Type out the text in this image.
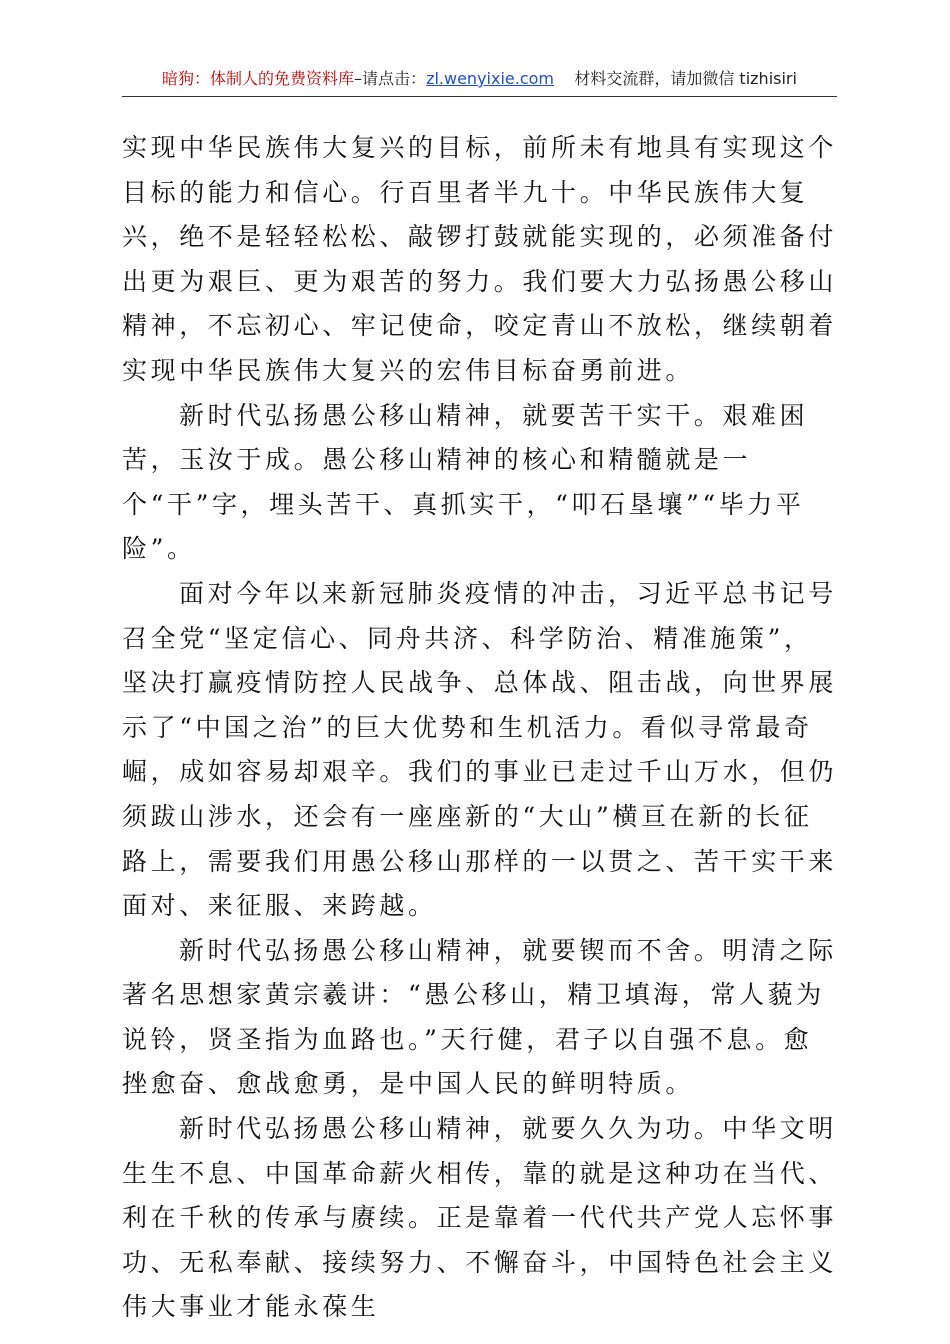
暗狗：体制人的免费资料库–请点击：zl.wenyixie.com 材料交流群，请加微信 tizhisiri

实现中华民族伟大复兴的目标，前所未有地具有实现这个目标的能力和信心。行百里者半九十。中华民族伟大复兴，绝不是轻轻松松、敲锣打鼓就能实现的，必须准备付出更为艰巨、更为艰苦的努力。我们要大力弘扬愚公移山精神，不忘初心、牢记使命，咬定青山不放松，继续朝着实现中华民族伟大复兴的宏伟目标奋勇前进。

新时代弘扬愚公移山精神，就要苦干实干。艰难困苦，玉汝于成。愚公移山精神的核心和精髓就是一个“干”字，埋头苦干、真抓实干，“叩石垦壤”“毕力平险”。

面对今年以来新冠肺炎疫情的冲击，习近平总书记号召全党“坚定信心、同舟共济、科学防治、精准施策”，坚决打赢疫情防控人民战争、总体战、阻击战，向世界展示了“中国之治”的巨大优势和生机活力。看似寻常最奇崛，成如容易却艰辛。我们的事业已走过千山万水，但仍须跋山涉水，还会有一座座新的“大山”横亘在新的长征路上，需要我们用愚公移山那样的一以贯之、苦干实干来面对、来征服、来跨越。

新时代弘扬愚公移山精神，就要锲而不舍。明清之际著名思想家黄宗羲讲：“愚公移山，精卫填海，常人藐为说铃，贤圣指为血路也。”天行健，君子以自强不息。愈挫愈奋、愈战愈勇，是中国人民的鲜明特质。

新时代弘扬愚公移山精神，就要久久为功。中华文明生生不息、中国革命薪火相传，靠的就是这种功在当代、利在千秋的传承与赓续。正是靠着一代代共产党人忘怀事功、无私奉献、接续努力、不懈奋斗，中国特色社会主义伟大事业才能永葆生
